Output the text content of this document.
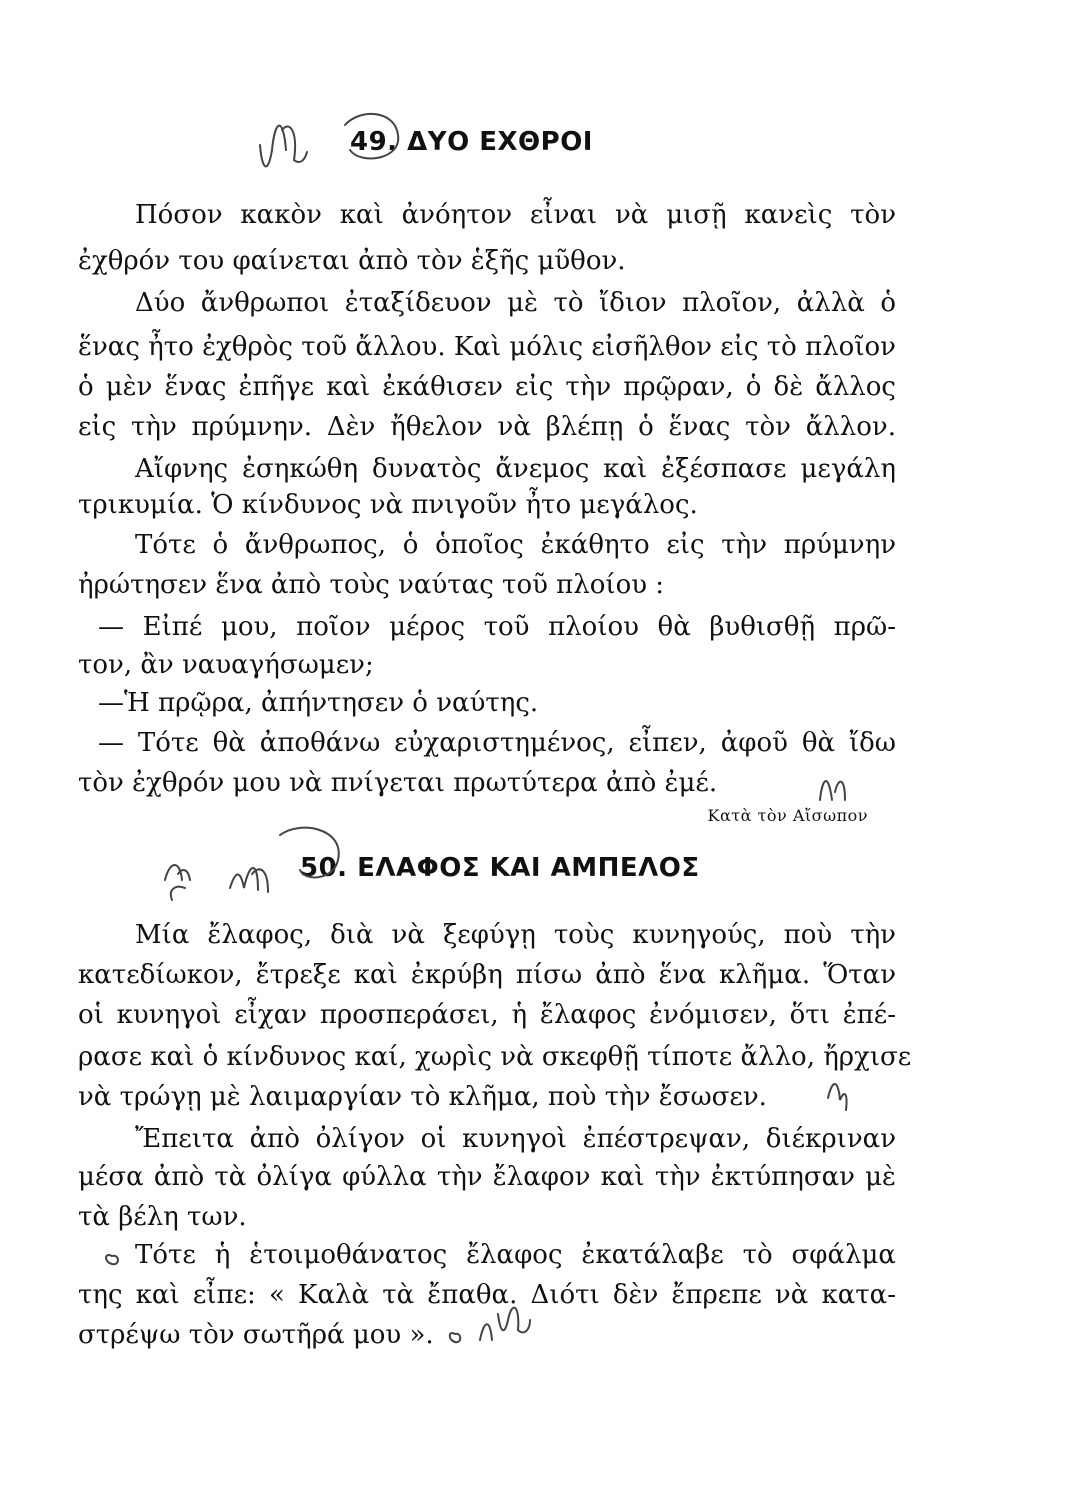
49. ΔΥΟ ΕΧΘΡΟΙ
Πόσον κακὸν καὶ ἀνόητον εἶναι νὰ μισῇ κανεὶς τὸν
ἐχθρόν του φαίνεται ἀπὸ τὸν ἑξῆς μῦθον.
Δύο ἄνθρωποι ἐταξίδευον μὲ τὸ ἴδιον πλοῖον, ἀλλὰ ὁ
ἕνας ἦτο ἐχθρὸς τοῦ ἄλλου. Καὶ μόλις εἰσῆλθον εἰς τὸ πλοῖον
ὁ μὲν ἕνας ἐπῆγε καὶ ἐκάθισεν εἰς τὴν πρῷραν, ὁ δὲ ἄλλος
εἰς τὴν πρύμνην. Δὲν ἤθελον νὰ βλέπῃ ὁ ἕνας τὸν ἄλλον.
Αἴφνης ἐσηκώθη δυνατὸς ἄνεμος καὶ ἐξέσπασε μεγάλη
τρικυμία. Ὁ κίνδυνος νὰ πνιγοῦν ἦτο μεγάλος.
Τότε ὁ ἄνθρωπος, ὁ ὁποῖος ἐκάθητο εἰς τὴν πρύμνην
ἠρώτησεν ἕνα ἀπὸ τοὺς ναύτας τοῦ πλοίου :
— Εἰπέ μου, ποῖον μέρος τοῦ πλοίου θὰ βυθισθῇ πρῶ-
τον, ἂν ναυαγήσωμεν;
—Ἡ πρῷρα, ἀπήντησεν ὁ ναύτης.
— Τότε θὰ ἀποθάνω εὐχαριστημένος, εἶπεν, ἀφοῦ θὰ ἴδω
τὸν ἐχθρόν μου νὰ πνίγεται πρωτύτερα ἀπὸ ἐμέ.
Κατὰ τὸν Αἴσωπον
50. ΕΛΑΦΟΣ ΚΑΙ ΑΜΠΕΛΟΣ
Μία ἔλαφος, διὰ νὰ ξεφύγῃ τοὺς κυνηγούς, ποὺ τὴν
κατεδίωκον, ἔτρεξε καὶ ἐκρύβη πίσω ἀπὸ ἕνα κλῆμα. Ὅταν
οἱ κυνηγοὶ εἶχαν προσπεράσει, ἡ ἔλαφος ἐνόμισεν, ὅτι ἐπέ-
ρασε καὶ ὁ κίνδυνος καί, χωρὶς νὰ σκεφθῇ τίποτε ἄλλο, ἤρχισε
νὰ τρώγῃ μὲ λαιμαργίαν τὸ κλῆμα, ποὺ τὴν ἔσωσεν.
Ἔπειτα ἀπὸ ὀλίγον οἱ κυνηγοὶ ἐπέστρεψαν, διέκριναν
μέσα ἀπὸ τὰ ὀλίγα φύλλα τὴν ἔλαφον καὶ τὴν ἐκτύπησαν μὲ
τὰ βέλη των.
Τότε ἡ ἑτοιμοθάνατος ἔλαφος ἐκατάλαβε τὸ σφάλμα
της καὶ εἶπε: « Καλὰ τὰ ἔπαθα. Διότι δὲν ἔπρεπε νὰ κατα-
στρέψω τὸν σωτῆρά μου ».
